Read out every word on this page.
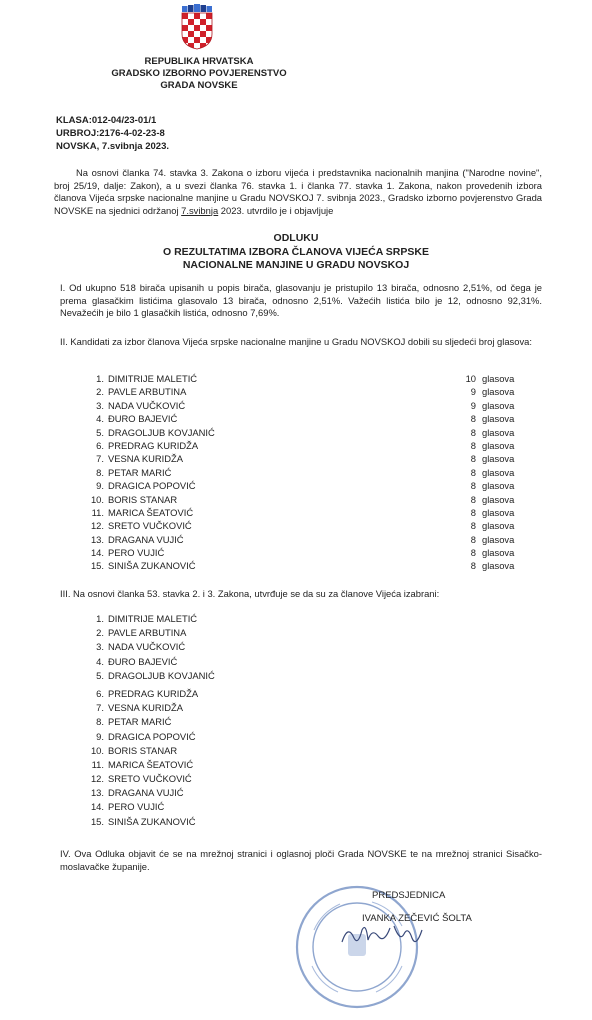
REPUBLIKA HRVATSKA
GRADSKO IZBORNO POVJERENSTVO
GRADA NOVSKE
KLASA:012-04/23-01/1
URBROJ:2176-4-02-23-8
NOVSKA, 7.svibnja 2023.
Na osnovi članka 74. stavka 3. Zakona o izboru vijeća i predstavnika nacionalnih manjina ("Narodne novine", broj 25/19, dalje: Zakon), a u svezi članka 76. stavka 1. i članka 77. stavka 1. Zakona, nakon provedenih izbora članova Vijeća srpske nacionalne manjine u Gradu NOVSKOJ 7. svibnja 2023., Gradsko izborno povjerenstvo Grada NOVSKE na sjednici održanoj 7.svibnja 2023. utvrdilo je i objavljuje
ODLUKU
O REZULTATIMA IZBORA ČLANOVA VIJEĆA SRPSKE
NACIONALNE MANJINE U GRADU NOVSKOJ
I. Od ukupno 518 birača upisanih u popis birača, glasovanju je pristupilo 13 birača, odnosno 2,51%, od čega je prema glasačkim listićima glasovalo 13 birača, odnosno 2,51%. Važećih listića bilo je 12, odnosno 92,31%. Nevažećih je bilo 1 glasačkih listića, odnosno 7,69%.
II. Kandidati za izbor članova Vijeća srpske nacionalne manjine u Gradu NOVSKOJ dobili su sljedeći broj glasova:
1. DIMITRIJE MALETIĆ	10 glasova
2. PAVLE ARBUTINA	9 glasova
3. NADA VUČKOVIĆ	9 glasova
4. ĐURO BAJEVIĆ	8 glasova
5. DRAGOLJUB KOVJANIĆ	8 glasova
6. PREDRAG KURIDŽA	8 glasova
7. VESNA KURIDŽA	8 glasova
8. PETAR MARIĆ	8 glasova
9. DRAGICA POPOVIĆ	8 glasova
10. BORIS STANAR	8 glasova
11. MARICA ŠEATOVIĆ	8 glasova
12. SRETO VUČKOVIĆ	8 glasova
13. DRAGANA VUJIĆ	8 glasova
14. PERO VUJIĆ	8 glasova
15. SINIŠA ZUKANOVIĆ	8 glasova
III. Na osnovi članka 53. stavka 2. i 3. Zakona, utvrđuje se da su za članove Vijeća izabrani:
1. DIMITRIJE MALETIĆ
2. PAVLE ARBUTINA
3. NADA VUČKOVIĆ
4. ĐURO BAJEVIĆ
5. DRAGOLJUB KOVJANIĆ
6. PREDRAG KURIDŽA
7. VESNA KURIDŽA
8. PETAR MARIĆ
9. DRAGICA POPOVIĆ
10. BORIS STANAR
11. MARICA ŠEATOVIĆ
12. SRETO VUČKOVIĆ
13. DRAGANA VUJIĆ
14. PERO VUJIĆ
15. SINIŠA ZUKANOVIĆ
IV. Ova Odluka objavit će se na mrežnoj stranici i oglasnoj ploči Grada NOVSKE te na mrežnoj stranici Sisačko-moslavačke županije.
PREDSJEDNICA
IVANKA ZEČEVIĆ ŠOLTA
